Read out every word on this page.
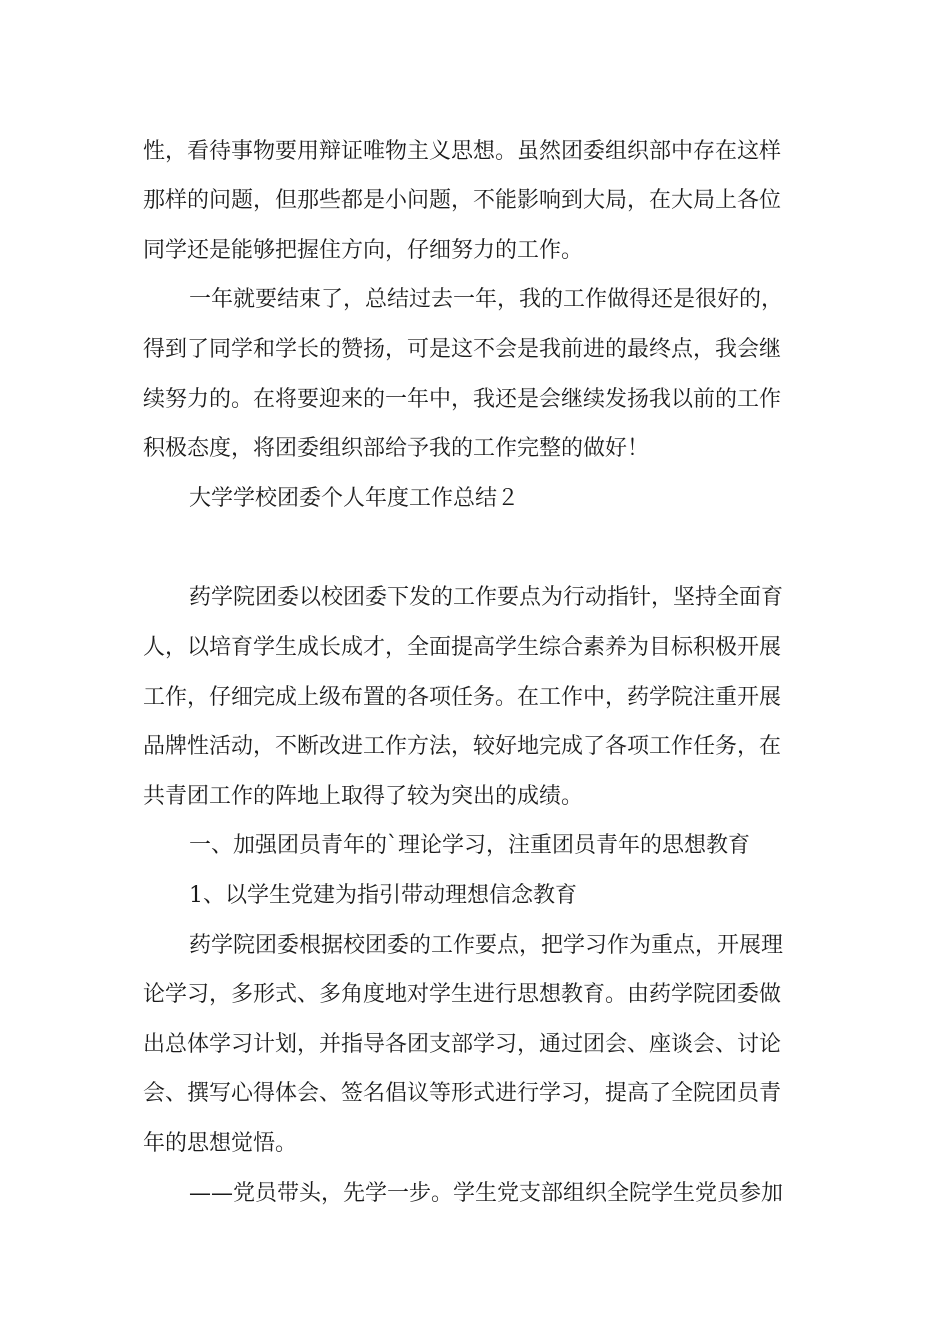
性，看待事物要用辩证唯物主义思想。虽然团委组织部中存在这样
那样的问题，但那些都是小问题，不能影响到大局，在大局上各位
同学还是能够把握住方向，仔细努力的工作。
一年就要结束了，总结过去一年，我的工作做得还是很好的，
得到了同学和学长的赞扬，可是这不会是我前进的最终点，我会继
续努力的。在将要迎来的一年中，我还是会继续发扬我以前的工作
积极态度，将团委组织部给予我的工作完整的做好！
大学学校团委个人年度工作总结２
药学院团委以校团委下发的工作要点为行动指针，坚持全面育
人，以培育学生成长成才，全面提高学生综合素养为目标积极开展
工作，仔细完成上级布置的各项任务。在工作中，药学院注重开展
品牌性活动，不断改进工作方法，较好地完成了各项工作任务，在
共青团工作的阵地上取得了较为突出的成绩。
一、加强团员青年的`理论学习，注重团员青年的思想教育
1、以学生党建为指引带动理想信念教育
药学院团委根据校团委的工作要点，把学习作为重点，开展理
论学习，多形式、多角度地对学生进行思想教育。由药学院团委做
出总体学习计划，并指导各团支部学习，通过团会、座谈会、讨论
会、撰写心得体会、签名倡议等形式进行学习，提高了全院团员青
年的思想觉悟。
——党员带头，先学一步。学生党支部组织全院学生党员参加
